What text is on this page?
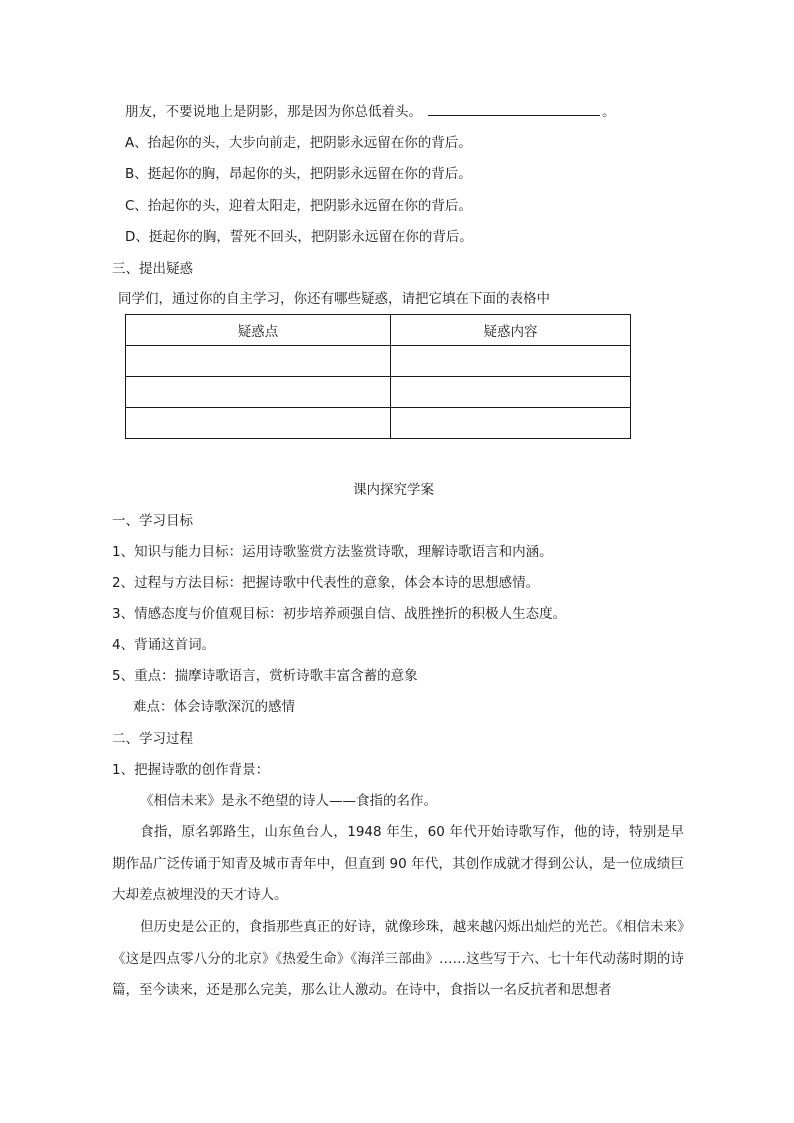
朋友，不要说地上是阴影，那是因为你总低着头。	。
A、抬起你的头，大步向前走，把阴影永远留在你的背后。
B、挺起你的胸，昂起你的头，把阴影永远留在你的背后。
C、抬起你的头，迎着太阳走，把阴影永远留在你的背后。
D、挺起你的胸，誓死不回头，把阴影永远留在你的背后。
三、提出疑惑
同学们，通过你的自主学习，你还有哪些疑惑，请把它填在下面的表格中
疑惑点	疑惑内容

课内探究学案
一、学习目标
1、知识与能力目标：运用诗歌鉴赏方法鉴赏诗歌，理解诗歌语言和内涵。
2、过程与方法目标：把握诗歌中代表性的意象，体会本诗的思想感情。
3、情感态度与价值观目标：初步培养顽强自信、战胜挫折的积极人生态度。
4、背诵这首词。
5、重点：揣摩诗歌语言，赏析诗歌丰富含蓄的意象
难点：体会诗歌深沉的感情
二、学习过程
1、把握诗歌的创作背景：
《相信未来》是永不绝望的诗人——食指的名作。
食指，原名郭路生，山东鱼台人，1948 年生，60 年代开始诗歌写作，他的诗，特别是早期作品广泛传诵于知青及城市青年中，但直到 90 年代，其创作成就才得到公认，是一位成绩巨大却差点被埋没的天才诗人。
但历史是公正的，食指那些真正的好诗，就像珍珠，越来越闪烁出灿烂的光芒。《相信未来》《这是四点零八分的北京》《热爱生命》《海洋三部曲》……这些写于六、七十年代动荡时期的诗篇，至今读来，还是那么完美，那么让人激动。在诗中，食指以一名反抗者和思想者
